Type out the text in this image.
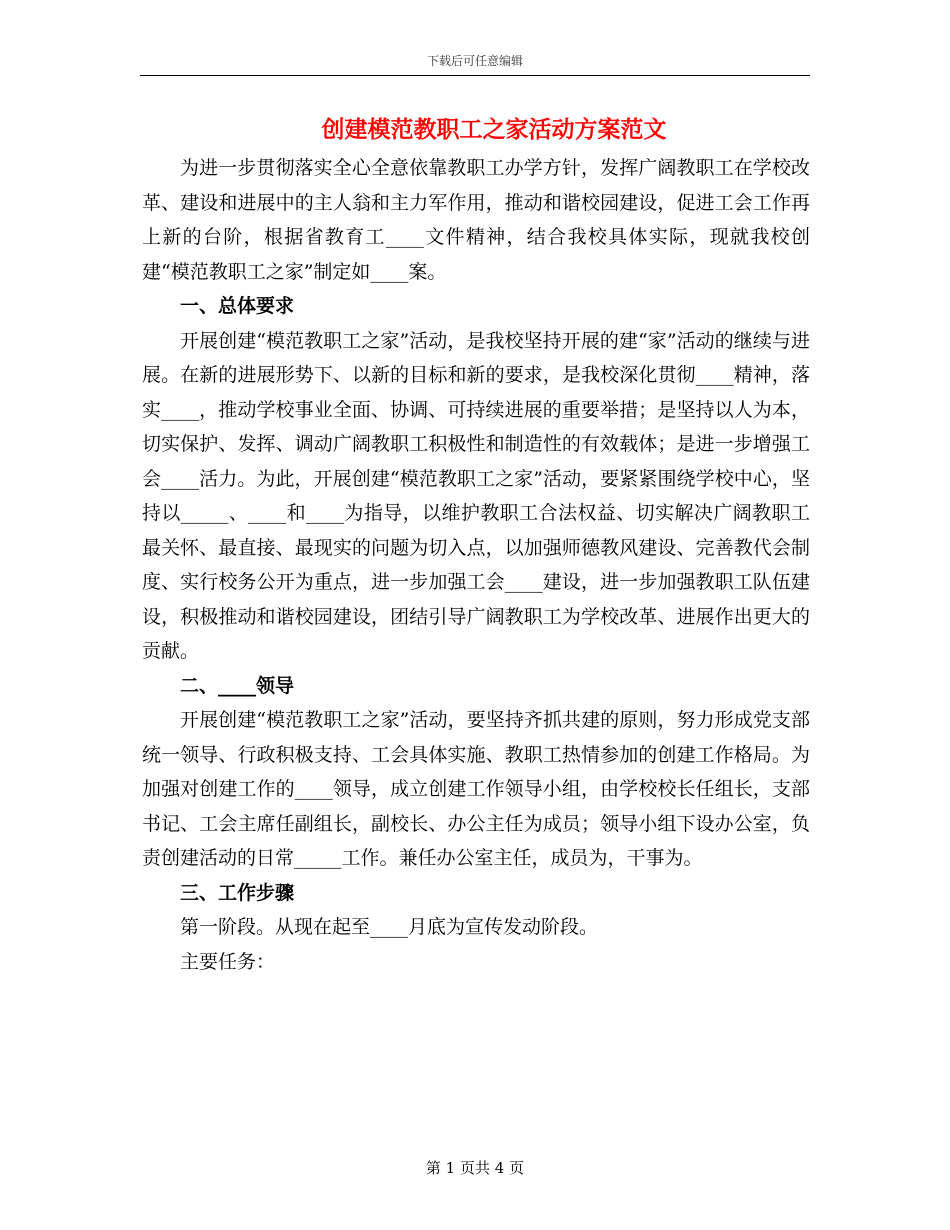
下载后可任意编辑
创建模范教职工之家活动方案范文

为进一步贯彻落实全心全意依靠教职工办学方针，发挥广阔教职工在学校改革、建设和进展中的主人翁和主力军作用，推动和谐校园建设，促进工会工作再上新的台阶，根据省教育工____文件精神，结合我校具体实际，现就我校创建“模范教职工之家”制定如____案。

一、总体要求

开展创建“模范教职工之家”活动，是我校坚持开展的建“家”活动的继续与进展。在新的进展形势下、以新的目标和新的要求，是我校深化贯彻____精神，落实____，推动学校事业全面、协调、可持续进展的重要举措；是坚持以人为本，切实保护、发挥、调动广阔教职工积极性和制造性的有效载体；是进一步增强工会____活力。为此，开展创建“模范教职工之家”活动，要紧紧围绕学校中心，坚持以_____、____和____为指导，以维护教职工合法权益、切实解决广阔教职工最关怀、最直接、最现实的问题为切入点，以加强师德教风建设、完善教代会制度、实行校务公开为重点，进一步加强工会____建设，进一步加强教职工队伍建设，积极推动和谐校园建设，团结引导广阔教职工为学校改革、进展作出更大的贡献。

二、____领导

开展创建“模范教职工之家”活动，要坚持齐抓共建的原则，努力形成党支部统一领导、行政积极支持、工会具体实施、教职工热情参加的创建工作格局。为加强对创建工作的____领导，成立创建工作领导小组，由学校校长任组长，支部书记、工会主席任副组长，副校长、办公主任为成员；领导小组下设办公室，负责创建活动的日常_____工作。兼任办公室主任，成员为，干事为。

三、工作步骤

第一阶段。从现在起至____月底为宣传发动阶段。

主要任务：

第 1 页共 4 页
